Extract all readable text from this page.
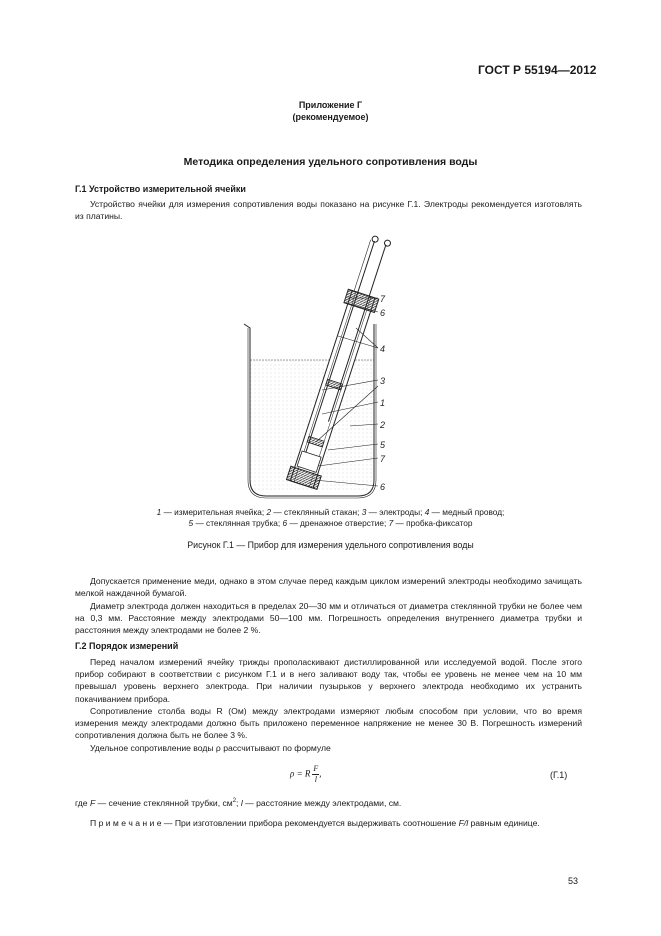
ГОСТ Р 55194—2012
Приложение Г
(рекомендуемое)
Методика определения удельного сопротивления воды
Г.1 Устройство измерительной ячейки
Устройство ячейки для измерения сопротивления воды показано на рисунке Г.1. Электроды рекомендуется изготовлять из платины.
7
6
4
3
1
2
5
7
6
1 — измерительная ячейка; 2 — стеклянный стакан; 3 — электроды; 4 — медный провод;
5 — стеклянная трубка; 6 — дренажное отверстие; 7 — пробка-фиксатор
Рисунок Г.1 — Прибор для измерения удельного сопротивления воды
Допускается применение меди, однако в этом случае перед каждым циклом измерений электроды необходимо зачищать мелкой наждачной бумагой.
Диаметр электрода должен находиться в пределах 20—30 мм и отличаться от диаметра стеклянной трубки не более чем на 0,3 мм. Расстояние между электродами 50—100 мм. Погрешность определения внутреннего диаметра трубки и расстояния между электродами не более 2 %.
Г.2 Порядок измерений
Перед началом измерений ячейку трижды прополаскивают дистиллированной или исследуемой водой. После этого прибор собирают в соответствии с рисунком Г.1 и в него заливают воду так, чтобы ее уровень не менее чем на 10 мм превышал уровень верхнего электрода. При наличии пузырьков у верхнего электрода необходимо их устранить покачиванием прибора.
Сопротивление столба воды R (Ом) между электродами измеряют любым способом при условии, что во время измерения между электродами должно быть приложено переменное напряжение не менее 30 В. Погрешность измерений сопротивления должна быть не более 3 %.
Удельное сопротивление воды ρ рассчитывают по формуле
ρ = R $\frac{F}{l}$ ,	(Г.1)
где F — сечение стеклянной трубки, $см^2$; l — расстояние между электродами, см.
П р и м е ч а н и е — При изготовлении прибора рекомендуется выдерживать соотношение F/l равным единице.
53
